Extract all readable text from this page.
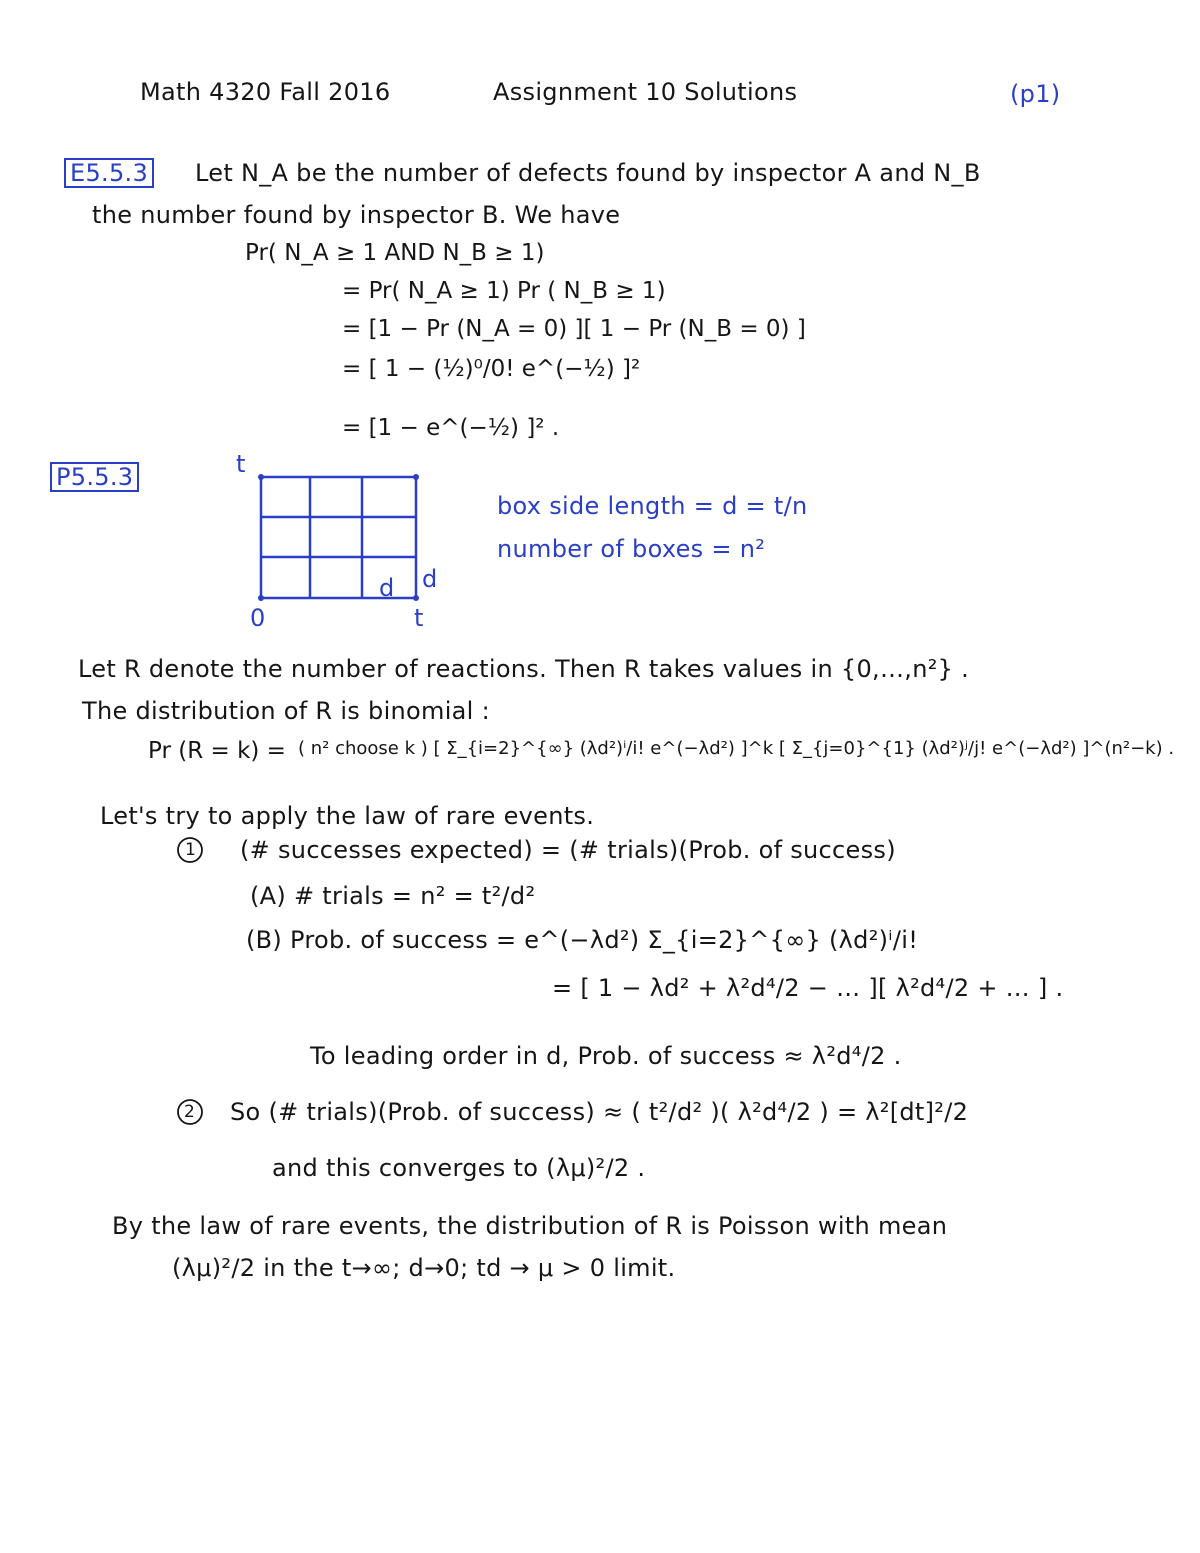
Math 4320 Fall 2016	Assignment 10 Solutions	(p1)
E5.5.3 Let N_A be the number of defects found by inspector A and N_B
the number found by inspector B. We have
Pr( N_A ≥ 1 AND N_B ≥ 1)
= Pr( N_A ≥ 1) Pr ( N_B ≥ 1)
= [1 − Pr (N_A = 0) ][ 1 − Pr (N_B = 0) ]
= [ 1 − (½)⁰/0! e^(−½) ]²
= [1 − e^(−½) ]² .
P5.5.3	t
0	t
d d
box side length = d = t/n
number of boxes = n²
Let R denote the number of reactions. Then R takes values in {0,…,n²} .
The distribution of R is binomial :
Pr (R = k) = ( n² choose k ) [ Σ_{i=2}^{∞} (λd²)ⁱ/i! e^(−λd²) ]^k [ Σ_{j=0}^{1} (λd²)ʲ/j! e^(−λd²) ]^(n²−k) .
Let's try to apply the law of rare events.
1 (# successes expected) = (# trials)(Prob. of success)
(A) # trials = n² = t²/d²
(B) Prob. of success = e^(−λd²) Σ_{i=2}^{∞} (λd²)ⁱ/i!
= [ 1 − λd² + λ²d⁴/2 − … ][ λ²d⁴/2 + … ] .
To leading order in d, Prob. of success ≈ λ²d⁴/2 .
2 So (# trials)(Prob. of success) ≈ ( t²/d² )( λ²d⁴/2 ) = λ²[dt]²/2
and this converges to (λμ)²/2 .
By the law of rare events, the distribution of R is Poisson with mean
(λμ)²/2 in the t→∞; d→0; td → μ > 0 limit.
